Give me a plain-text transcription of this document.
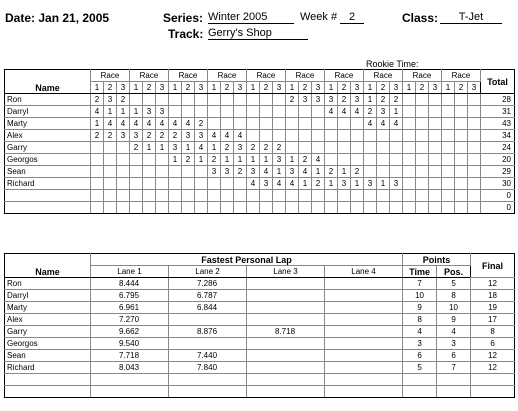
Date: Jan 21, 2005	Series: Winter 2005	Week #	2	Class:	T-Jet
Track: Gerry's Shop
Rookie Time:
Name	Race			Race			Race			Race			Race			Race			Race			Race			Race			Race			Total
	1	2	3	1	2	3	1	2	3	1	2	3	1	2	3	1	2	3	1	2	3	1	2	3	1	2	3	1	2	3	
Ron	2	3	2													2	3	3	3	2	3	1	2	2							28
Darryl	4	1	1	1	3	3													4	4	4	2	3	1							31
Marty	1	4	4	4	4	4	4	4	2													4	4	4							43
Alex	2	2	3	3	2	2	2	3	3	4	4	4																			34
Garry				2	1	1	3	1	4	1	2	3	2	2	2																24
Georgos							1	2	1	2	1	1	1	1	3	1	2	4													20
Sean										3	3	2	3	4	1	3	4	1	2	1	2										29
Richard													4	3	4	4	1	2	1	3	1	3	1	3							30
																															0
																															0
Name	Fastest Personal Lap				Points		Final
	Lane 1	Lane 2	Lane 3	Lane 4	Time	Pos.	
Ron	8.444	7.286			7	5	12
Darryl	6.795	6.787			10	8	18
Marty	6.961	6.844			9	10	19
Alex	7.270				8	9	17
Garry	9.662	8.876	8.718		4	4	8
Georgos	9.540				3	3	6
Sean	7.718	7.440			6	6	12
Richard	8.043	7.840			5	7	12
